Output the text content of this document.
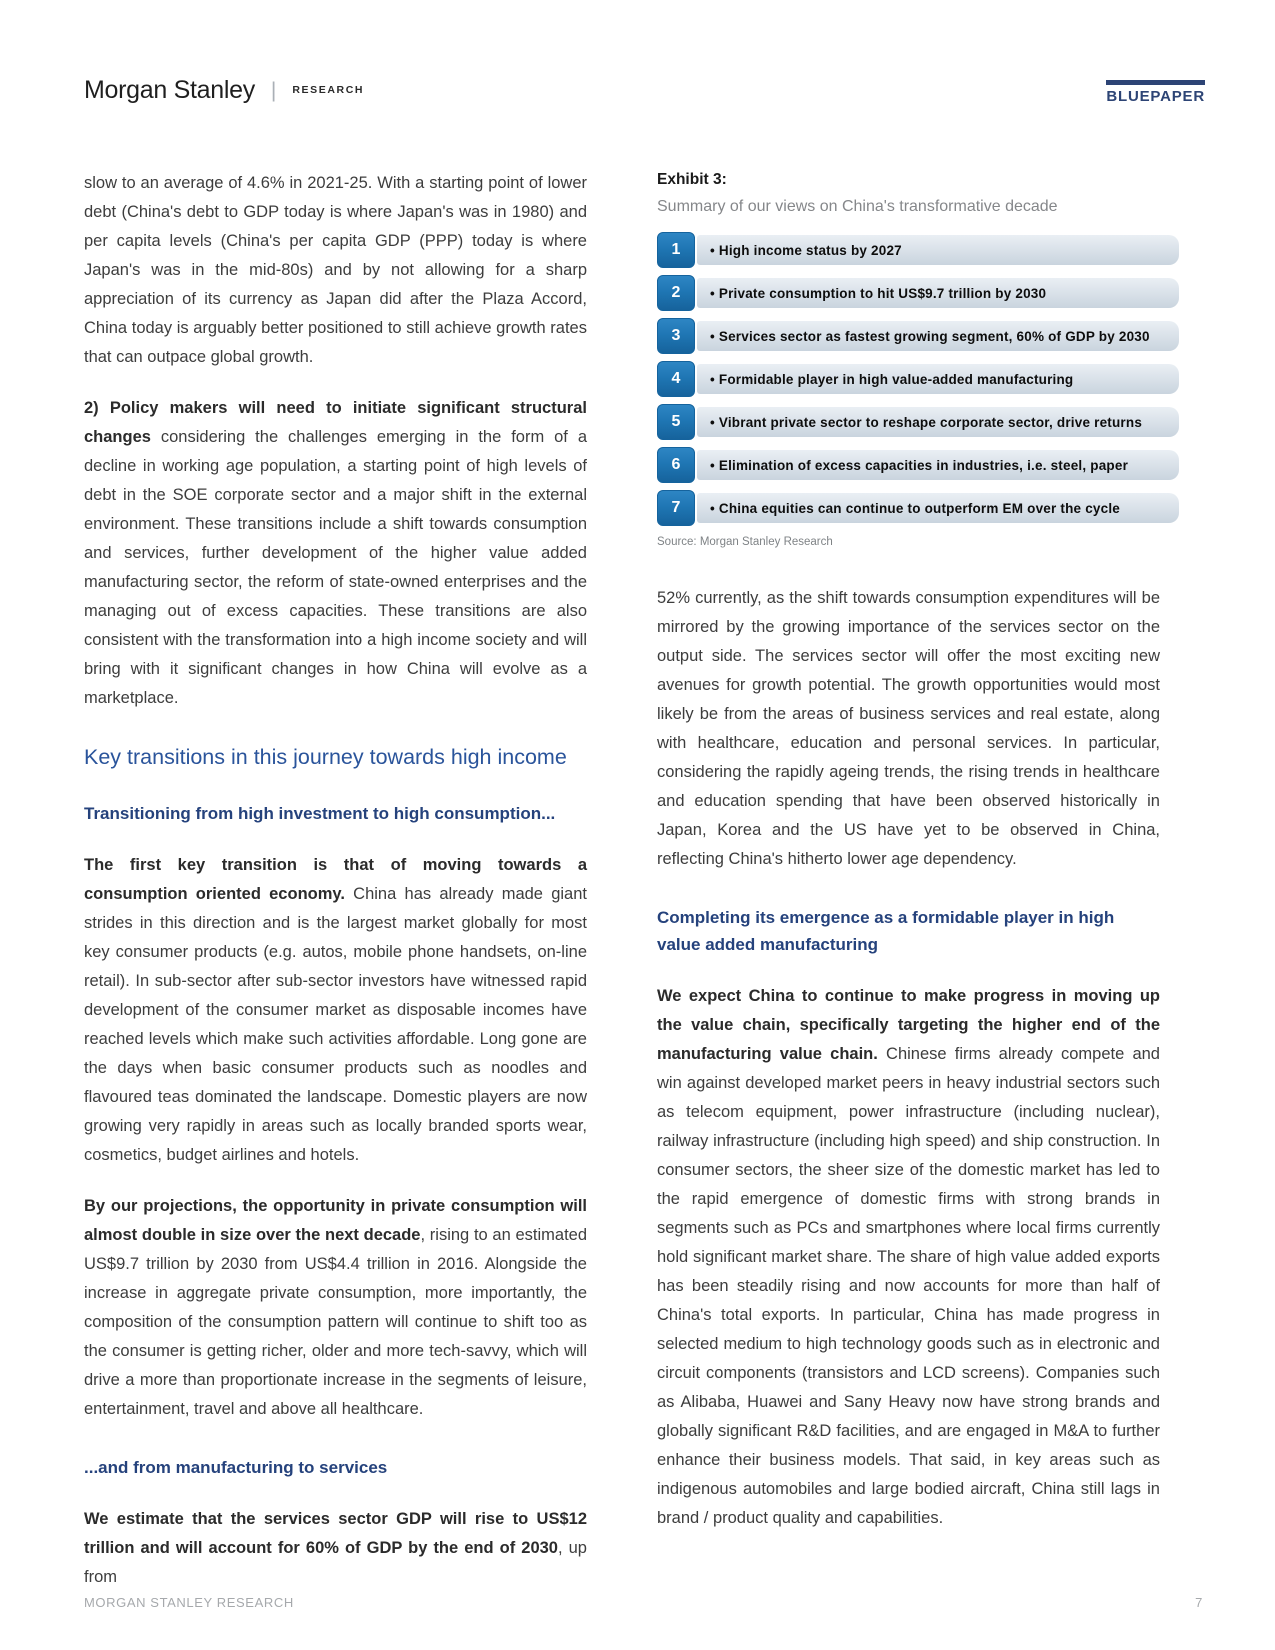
Morgan Stanley | RESEARCH	BLUEPAPER

slow to an average of 4.6% in 2021-25. With a starting point of lower debt (China's debt to GDP today is where Japan's was in 1980) and per capita levels (China's per capita GDP (PPP) today is where Japan's was in the mid-80s) and by not allowing for a sharp appreciation of its currency as Japan did after the Plaza Accord, China today is arguably better positioned to still achieve growth rates that can outpace global growth.

2) Policy makers will need to initiate significant structural changes considering the challenges emerging in the form of a decline in working age population, a starting point of high levels of debt in the SOE corporate sector and a major shift in the external environment. These transitions include a shift towards consumption and services, further development of the higher value added manufacturing sector, the reform of state-owned enterprises and the managing out of excess capacities. These transitions are also consistent with the transformation into a high income society and will bring with it significant changes in how China will evolve as a marketplace.

Key transitions in this journey towards high income
Transitioning from high investment to high consumption...

The first key transition is that of moving towards a consumption oriented economy. China has already made giant strides in this direction and is the largest market globally for most key consumer products (e.g. autos, mobile phone handsets, on-line retail). In sub-sector after sub-sector investors have witnessed rapid development of the consumer market as disposable incomes have reached levels which make such activities affordable. Long gone are the days when basic consumer products such as noodles and flavoured teas dominated the landscape. Domestic players are now growing very rapidly in areas such as locally branded sports wear, cosmetics, budget airlines and hotels.

By our projections, the opportunity in private consumption will almost double in size over the next decade, rising to an estimated US$9.7 trillion by 2030 from US$4.4 trillion in 2016. Alongside the increase in aggregate private consumption, more importantly, the composition of the consumption pattern will continue to shift too as the consumer is getting richer, older and more tech-savvy, which will drive a more than proportionate increase in the segments of leisure, entertainment, travel and above all healthcare.

...and from manufacturing to services

We estimate that the services sector GDP will rise to US$12 trillion and will account for 60% of GDP by the end of 2030, up from

Exhibit 3:
Summary of our views on China's transformative decade
1	• High income status by 2027
2	• Private consumption to hit US$9.7 trillion by 2030
3	• Services sector as fastest growing segment, 60% of GDP by 2030
4	• Formidable player in high value-added manufacturing
5	• Vibrant private sector to reshape corporate sector, drive returns
6	• Elimination of excess capacities in industries, i.e. steel, paper
7	• China equities can continue to outperform EM over the cycle
Source: Morgan Stanley Research

52% currently, as the shift towards consumption expenditures will be mirrored by the growing importance of the services sector on the output side. The services sector will offer the most exciting new avenues for growth potential. The growth opportunities would most likely be from the areas of business services and real estate, along with healthcare, education and personal services. In particular, considering the rapidly ageing trends, the rising trends in healthcare and education spending that have been observed historically in Japan, Korea and the US have yet to be observed in China, reflecting China's hitherto lower age dependency.

Completing its emergence as a formidable player in high value added manufacturing

We expect China to continue to make progress in moving up the value chain, specifically targeting the higher end of the manufacturing value chain. Chinese firms already compete and win against developed market peers in heavy industrial sectors such as telecom equipment, power infrastructure (including nuclear), railway infrastructure (including high speed) and ship construction. In consumer sectors, the sheer size of the domestic market has led to the rapid emergence of domestic firms with strong brands in segments such as PCs and smartphones where local firms currently hold significant market share. The share of high value added exports has been steadily rising and now accounts for more than half of China's total exports. In particular, China has made progress in selected medium to high technology goods such as in electronic and circuit components (transistors and LCD screens). Companies such as Alibaba, Huawei and Sany Heavy now have strong brands and globally significant R&D facilities, and are engaged in M&A to further enhance their business models. That said, in key areas such as indigenous automobiles and large bodied aircraft, China still lags in brand / product quality and capabilities.

MORGAN STANLEY RESEARCH	7
